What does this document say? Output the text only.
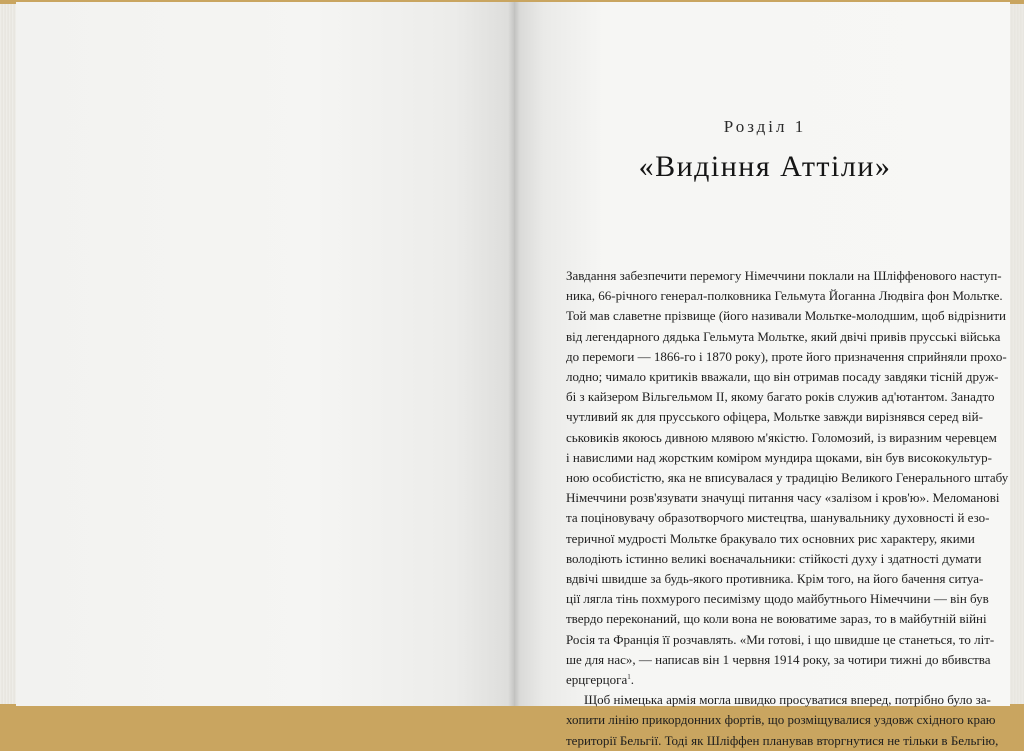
Розділ 1
«Видіння Аттіли»
Завдання забезпечити перемогу Німеччини поклали на Шліффенового наступ-
ника, 66-річного генерал-полковника Гельмута Йоганна Людвіга фон Мольтке.
Той мав славетне прізвище (його називали Мольтке-молодшим, щоб відрізнити
від легендарного дядька Гельмута Мольтке, який двічі привів прусські війська
до перемоги — 1866-го і 1870 року), проте його призначення сприйняли прохо-
лодно; чимало критиків вважали, що він отримав посаду завдяки тісній друж-
бі з кайзером Вільгельмом II, якому багато років служив ад'ютантом. Занадто
чутливий як для прусського офіцера, Мольтке завжди вирізнявся серед вій-
ськовиків якоюсь дивною млявою м'якістю. Голомозий, із виразним черевцем
і навислими над жорстким коміром мундира щоками, він був висококультур-
ною особистістю, яка не вписувалася у традицію Великого Генерального штабу
Німеччини розв'язувати значущі питання часу «залізом і кров'ю». Меломанові
та поціновувачу образотворчого мистецтва, шанувальнику духовності й езо-
теричної мудрості Мольтке бракувало тих основних рис характеру, якими
володіють істинно великі воєначальники: стійкості духу і здатності думати
вдвічі швидше за будь-якого противника. Крім того, на його бачення ситуа-
ції лягла тінь похмурого песимізму щодо майбутнього Німеччини — він був
твердо переконаний, що коли вона не воюватиме зараз, то в майбутній війні
Росія та Франція її розчавлять. «Ми готові, і що швидше це станеться, то літ-
ше для нас», — написав він 1 червня 1914 року, за чотири тижні до вбивства
ерцгерцога$^1$.
Щоб німецька армія могла швидко просуватися вперед, потрібно було за-
хопити лінію прикордонних фортів, що розміщувалися уздовж східного краю
території Бельгії. Тоді як Шліффен планував вторгнутися не тільки в Бельгію,
